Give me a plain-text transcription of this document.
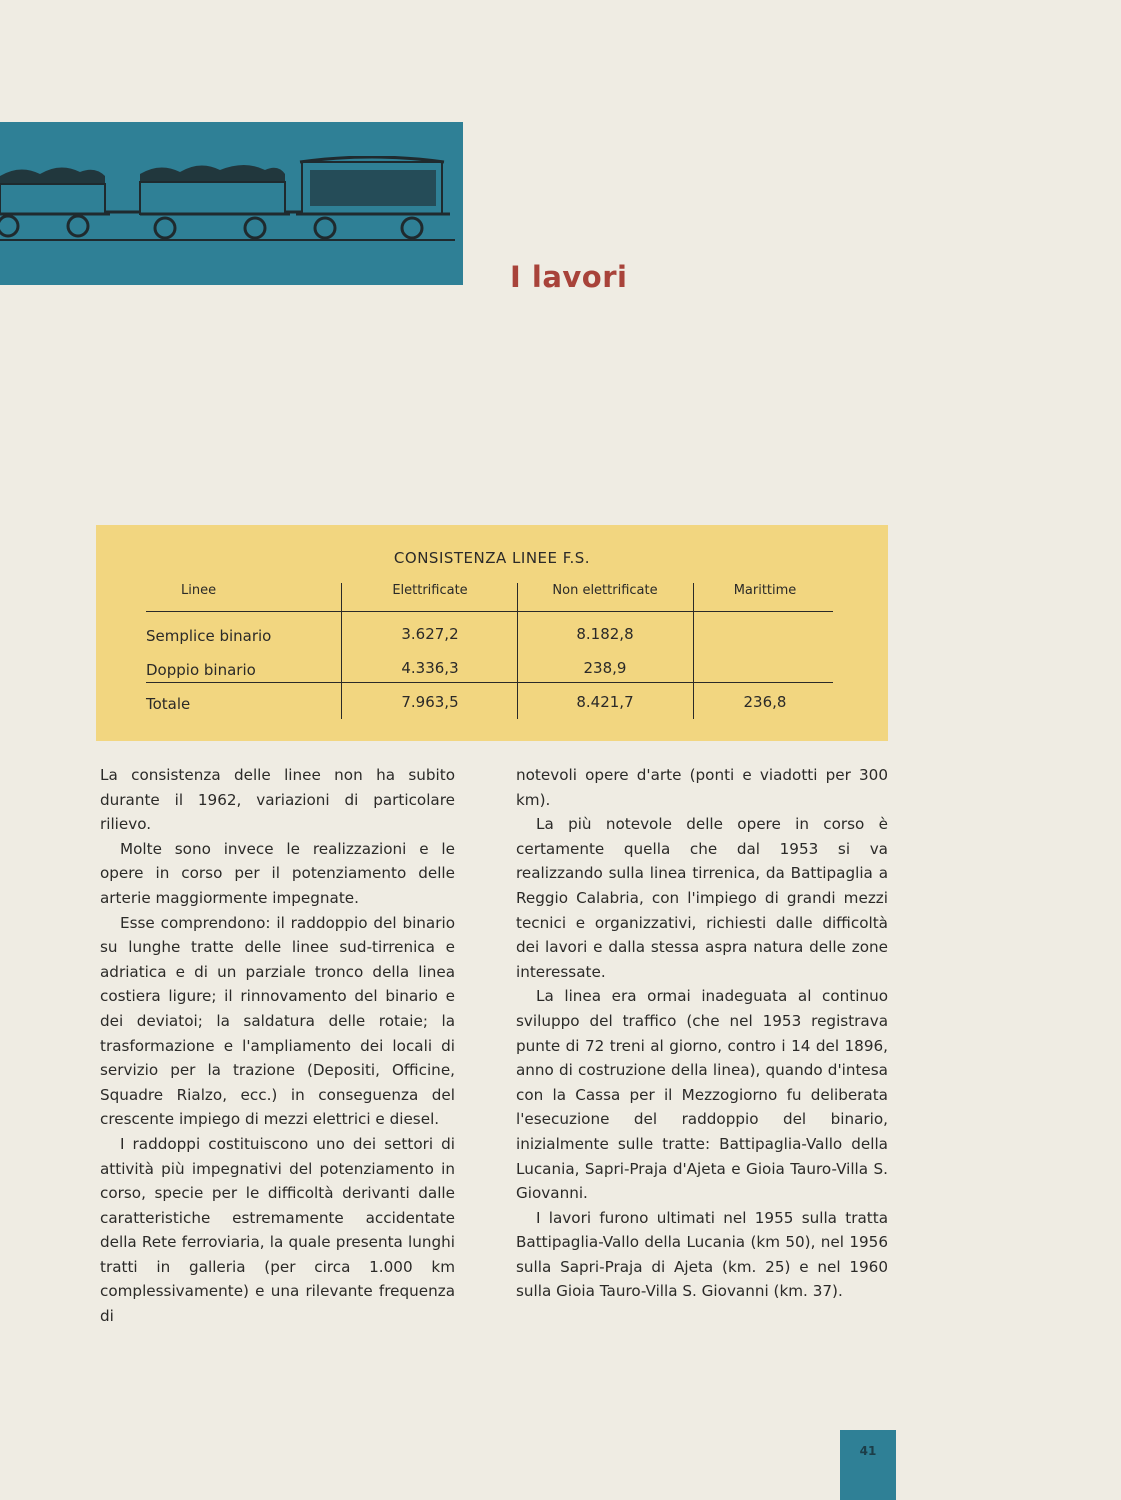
I lavori
CONSISTENZA LINEE F.S.
Linee	Elettrificate	Non elettrificate	Marittime
Semplice binario	3.627,2	8.182,8
Doppio binario	4.336,3	238,9
Totale	7.963,5	8.421,7	236,8

La consistenza delle linee non ha subito durante il 1962, variazioni di particolare rilievo.

Molte sono invece le realizzazioni e le opere in corso per il potenziamento delle arterie maggiormente impegnate.

Esse comprendono: il raddoppio del binario su lunghe tratte delle linee sud-tirrenica e adriatica e di un parziale tronco della linea costiera ligure; il rinnovamento del binario e dei deviatoi; la saldatura delle rotaie; la trasformazione e l'ampliamento dei locali di servizio per la trazione (Depositi, Officine, Squadre Rialzo, ecc.) in conseguenza del crescente impiego di mezzi elettrici e diesel.

I raddoppi costituiscono uno dei settori di attività più impegnativi del potenziamento in corso, specie per le difficoltà derivanti dalle caratteristiche estremamente accidentate della Rete ferroviaria, la quale presenta lunghi tratti in galleria (per circa 1.000 km complessivamente) e una rilevante frequenza di

notevoli opere d'arte (ponti e viadotti per 300 km).

La più notevole delle opere in corso è certamente quella che dal 1953 si va realizzando sulla linea tirrenica, da Battipaglia a Reggio Calabria, con l'impiego di grandi mezzi tecnici e organizzativi, richiesti dalle difficoltà dei lavori e dalla stessa aspra natura delle zone interessate.

La linea era ormai inadeguata al continuo sviluppo del traffico (che nel 1953 registrava punte di 72 treni al giorno, contro i 14 del 1896, anno di costruzione della linea), quando d'intesa con la Cassa per il Mezzogiorno fu deliberata l'esecuzione del raddoppio del binario, inizialmente sulle tratte: Battipaglia-Vallo della Lucania, Sapri-Praja d'Ajeta e Gioia Tauro-Villa S. Giovanni.

I lavori furono ultimati nel 1955 sulla tratta Battipaglia-Vallo della Lucania (km 50), nel 1956 sulla Sapri-Praja di Ajeta (km. 25) e nel 1960 sulla Gioia Tauro-Villa S. Giovanni (km. 37).

41
